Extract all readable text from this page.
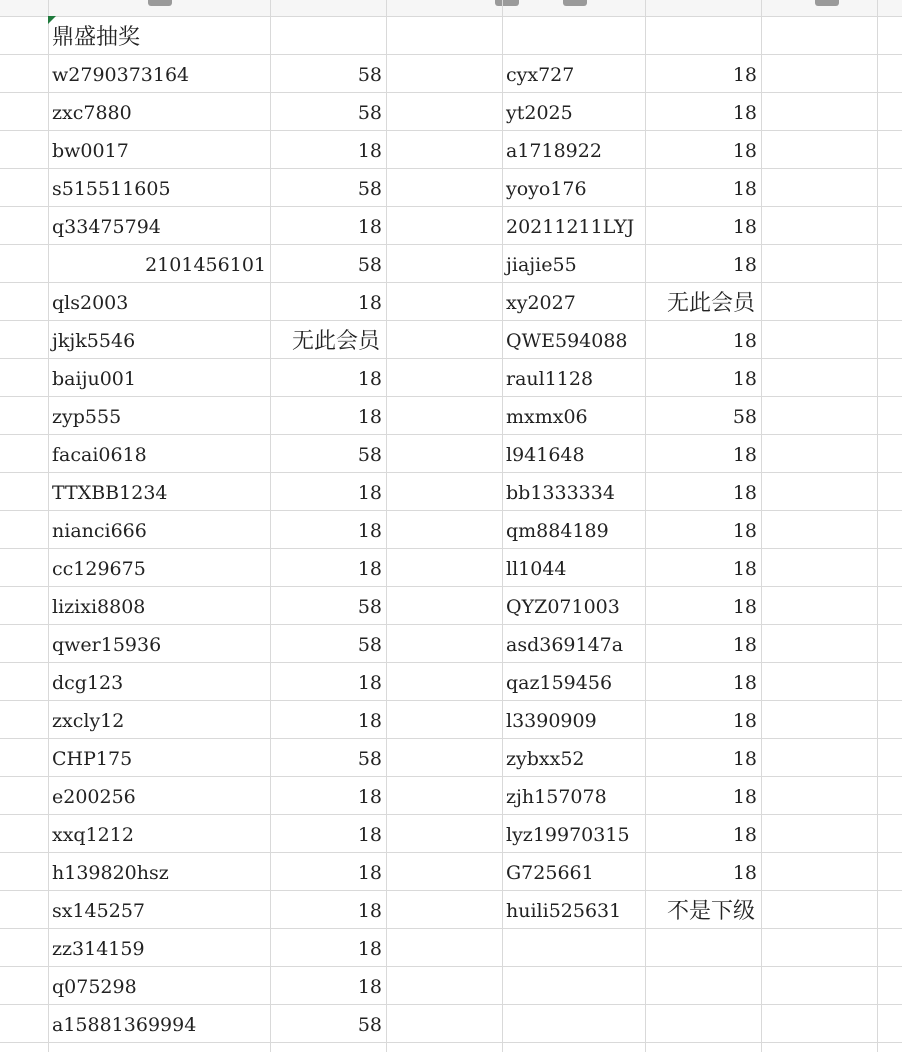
鼎盛抽奖
w2790373164	58
zxc7880	58
bw0017	18
s515511605	58
q33475794	18
2101456101	58
qls2003	18
jkjk5546	无此会员
baiju001	18
zyp555	18
facai0618	58
TTXBB1234	18
nianci666	18
cc129675	18
lizixi8808	58
qwer15936	58
dcg123	18
zxcly12	18
CHP175	58
e200256	18
xxq1212	18
h139820hsz	18
sx145257	18
zz314159	18
q075298	18
a15881369994	58
cyx727	18
yt2025	18
a1718922	18
yoyo176	18
20211211LYJ	18
jiajie55	18
xy2027	无此会员
QWE594088	18
raul1128	18
mxmx06	58
l941648	18
bb1333334	18
qm884189	18
ll1044	18
QYZ071003	18
asd369147a	18
qaz159456	18
l3390909	18
zybxx52	18
zjh157078	18
lyz19970315	18
G725661	18
huili525631	不是下级
